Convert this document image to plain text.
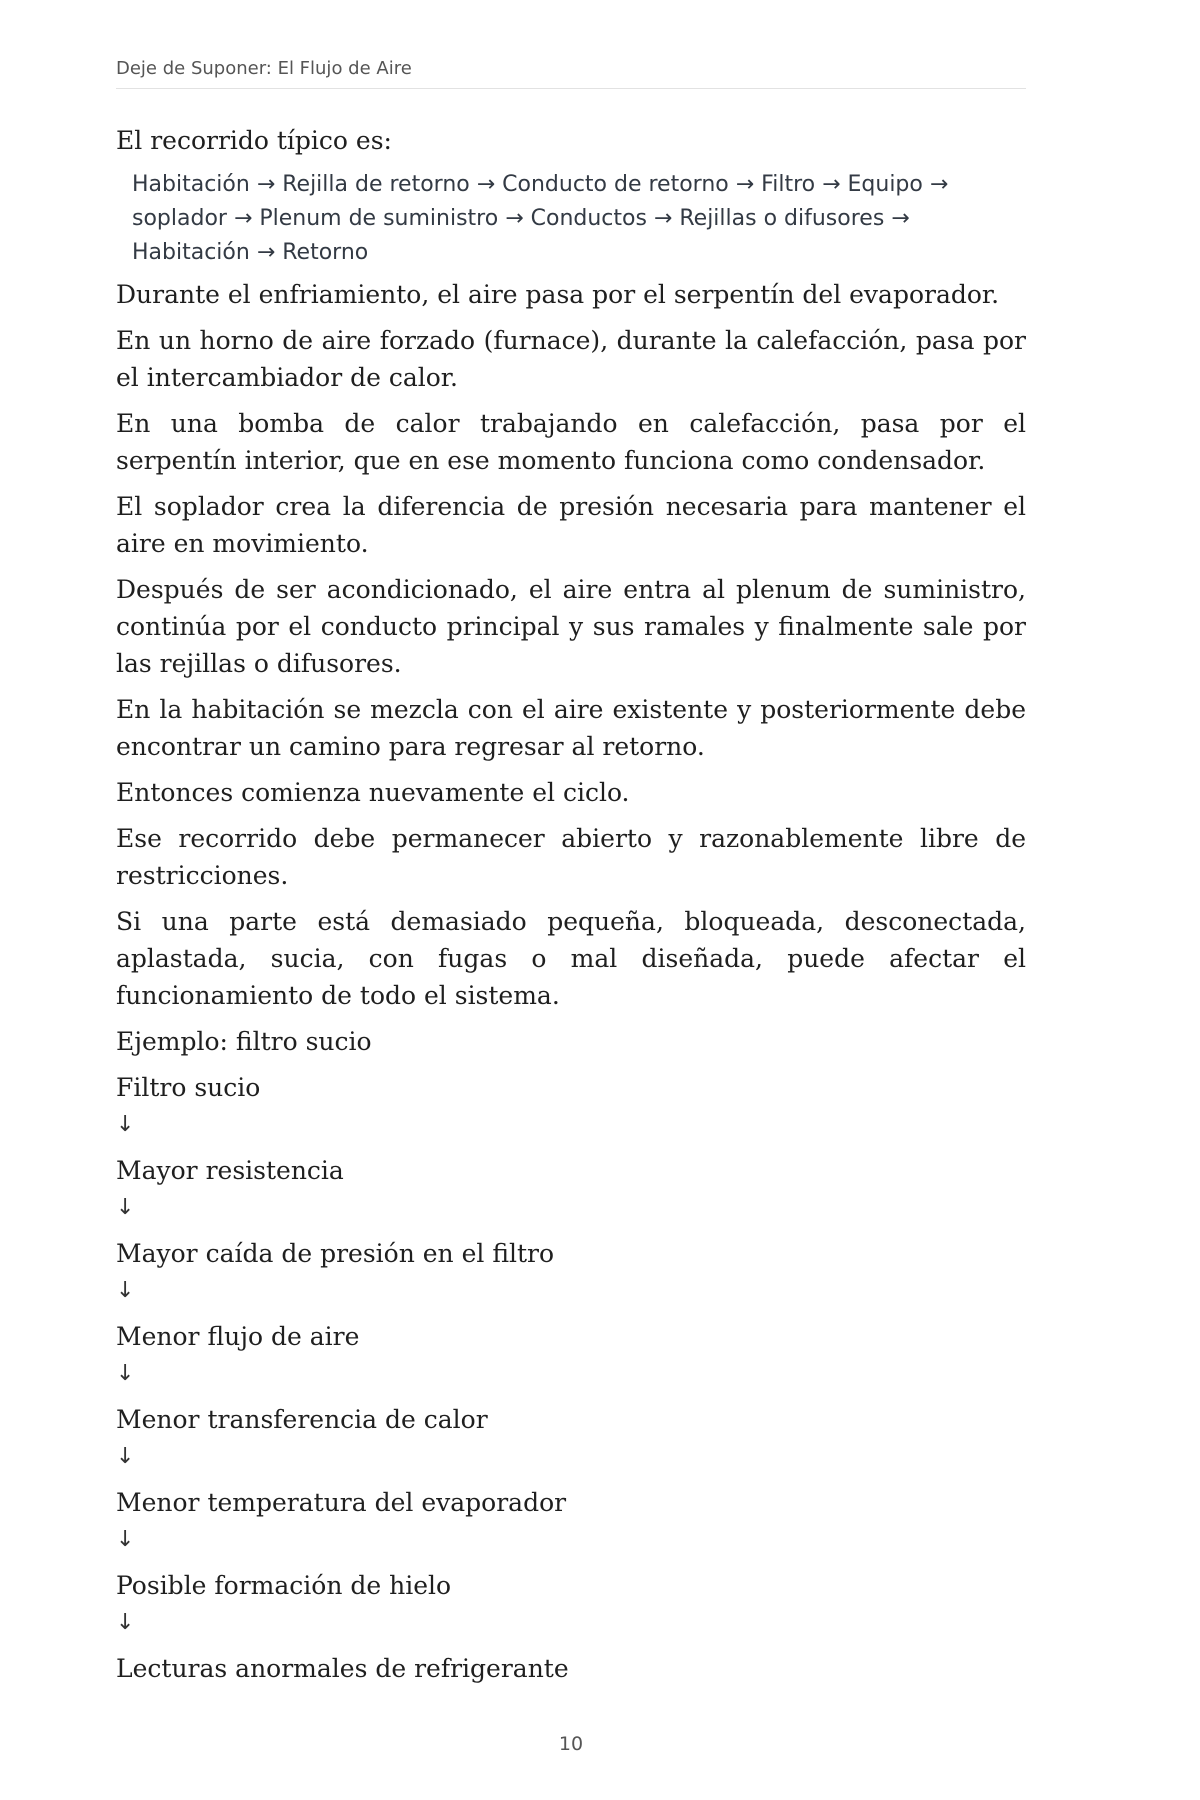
Deje de Suponer: El Flujo de Aire

El recorrido típico es:

Habitación → Rejilla de retorno → Conducto de retorno → Filtro → Equipo → soplador → Plenum de suministro → Conductos → Rejillas o difusores → Habitación → Retorno

Durante el enfriamiento, el aire pasa por el serpentín del evaporador.

En un horno de aire forzado (furnace), durante la calefacción, pasa por el intercambiador de calor.

En una bomba de calor trabajando en calefacción, pasa por el serpentín interior, que en ese momento funciona como condensador.

El soplador crea la diferencia de presión necesaria para mantener el aire en movimiento.

Después de ser acondicionado, el aire entra al plenum de suministro, continúa por el conducto principal y sus ramales y finalmente sale por las rejillas o difusores.

En la habitación se mezcla con el aire existente y posteriormente debe encontrar un camino para regresar al retorno.

Entonces comienza nuevamente el ciclo.

Ese recorrido debe permanecer abierto y razonablemente libre de restricciones.

Si una parte está demasiado pequeña, bloqueada, desconectada, aplastada, sucia, con fugas o mal diseñada, puede afectar el funcionamiento de todo el sistema.

Ejemplo: filtro sucio

Filtro sucio
↓
Mayor resistencia
↓
Mayor caída de presión en el filtro
↓
Menor flujo de aire
↓
Menor transferencia de calor
↓
Menor temperatura del evaporador
↓
Posible formación de hielo
↓
Lecturas anormales de refrigerante
10
